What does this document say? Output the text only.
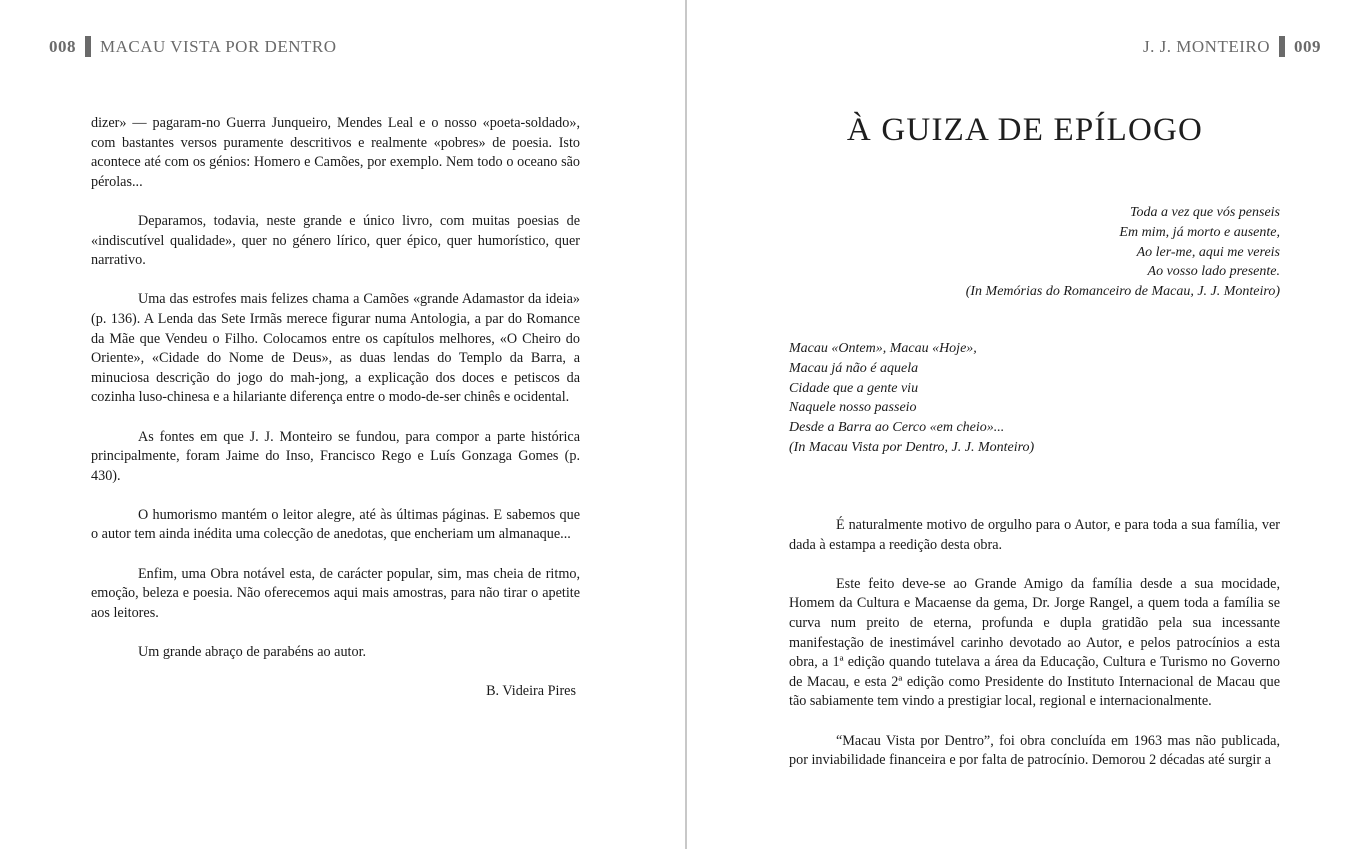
008 MACAU VISTA POR DENTRO

dizer» — pagaram-no Guerra Junqueiro, Mendes Leal e o nosso «poeta-soldado», com bastantes versos puramente descritivos e realmente «pobres» de poesia. Isto acontece até com os génios: Homero e Camões, por exemplo. Nem todo o oceano são pérolas...

Deparamos, todavia, neste grande e único livro, com muitas poesias de «indiscutível qualidade», quer no género lírico, quer épico, quer humorístico, quer narrativo.

Uma das estrofes mais felizes chama a Camões «grande Adamastor da ideia» (p. 136). A Lenda das Sete Irmãs merece figurar numa Antologia, a par do Romance da Mãe que Vendeu o Filho. Colocamos entre os capítulos melhores, «O Cheiro do Oriente», «Cidade do Nome de Deus», as duas lendas do Templo da Barra, a minuciosa descrição do jogo do mah-jong, a explicação dos doces e petiscos da cozinha luso-chinesa e a hilariante diferença entre o modo-de-ser chinês e ocidental.

As fontes em que J. J. Monteiro se fundou, para compor a parte histórica principalmente, foram Jaime do Inso, Francisco Rego e Luís Gonzaga Gomes (p. 430).

O humorismo mantém o leitor alegre, até às últimas páginas. E sabemos que o autor tem ainda inédita uma colecção de anedotas, que encheriam um almanaque...

Enfim, uma Obra notável esta, de carácter popular, sim, mas cheia de ritmo, emoção, beleza e poesia. Não oferecemos aqui mais amostras, para não tirar o apetite aos leitores.

Um grande abraço de parabéns ao autor.

B. Videira Pires

J. J. MONTEIRO 009
À GUIZA DE EPÍLOGO
Toda a vez que vós penseis
Em mim, já morto e ausente,
Ao ler-me, aqui me vereis
Ao vosso lado presente.
(In Memórias do Romanceiro de Macau, J. J. Monteiro)
Macau «Ontem», Macau «Hoje»,
Macau já não é aquela
Cidade que a gente viu
Naquele nosso passeio
Desde a Barra ao Cerco «em cheio»...
(In Macau Vista por Dentro, J. J. Monteiro)

É naturalmente motivo de orgulho para o Autor, e para toda a sua família, ver dada à estampa a reedição desta obra.

Este feito deve-se ao Grande Amigo da família desde a sua mocidade, Homem da Cultura e Macaense da gema, Dr. Jorge Rangel, a quem toda a família se curva num preito de eterna, profunda e dupla gratidão pela sua incessante manifestação de inestimável carinho devotado ao Autor, e pelos patrocínios a esta obra, a 1ª edição quando tutelava a área da Educação, Cultura e Turismo no Governo de Macau, e esta 2ª edição como Presidente do Instituto Internacional de Macau que tão sabiamente tem vindo a prestigiar local, regional e internacionalmente.

“Macau Vista por Dentro”, foi obra concluída em 1963 mas não publicada, por inviabilidade financeira e por falta de patrocínio. Demorou 2 décadas até surgir a
